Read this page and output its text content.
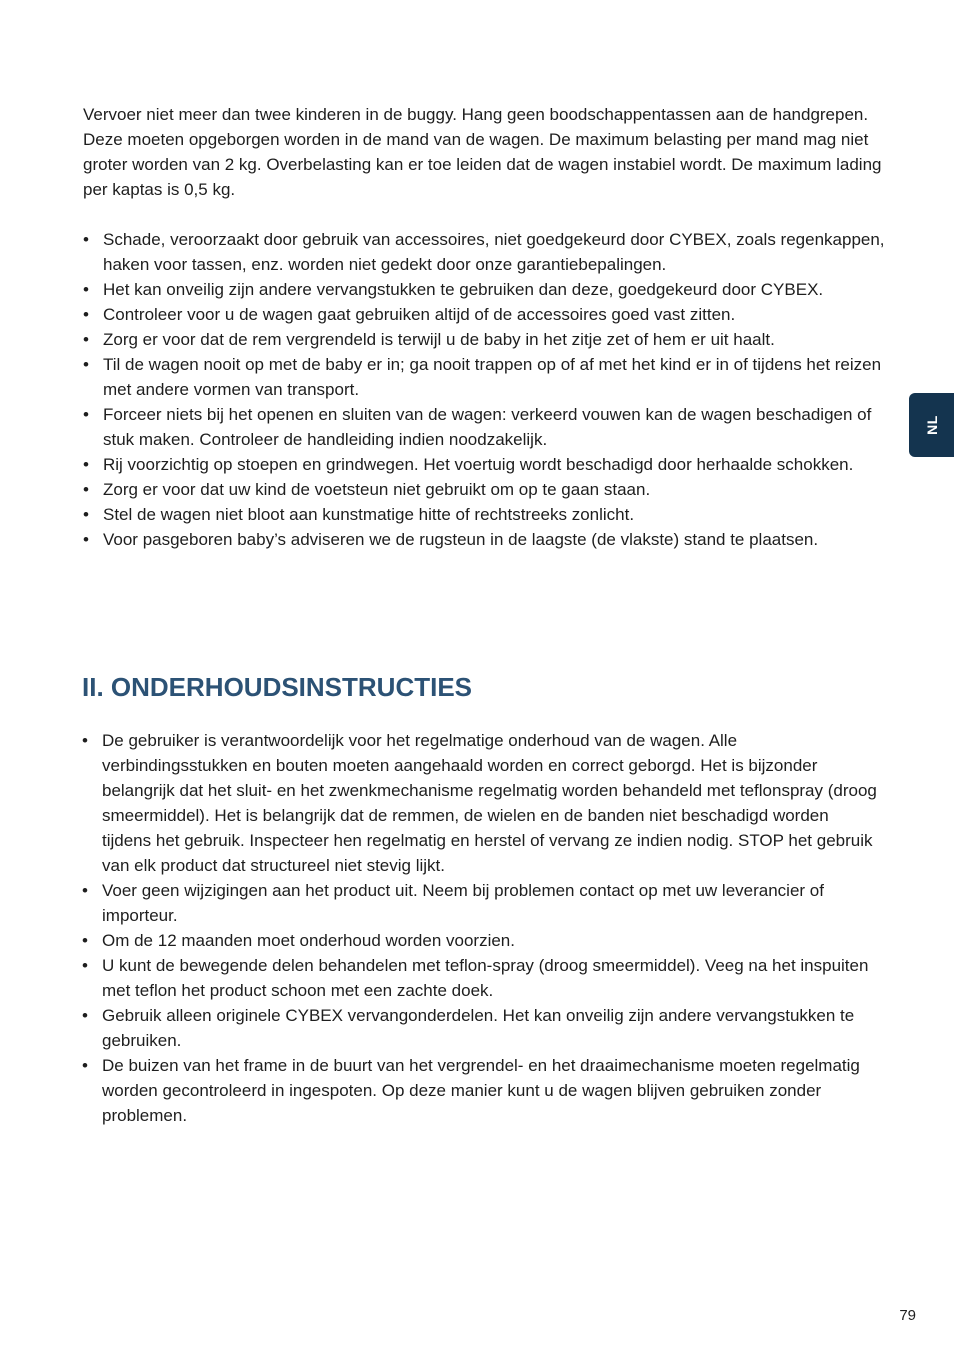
Vervoer niet meer dan twee kinderen in de buggy. Hang geen boodschappentassen aan de handgrepen. Deze moeten opgeborgen worden in de mand van de wagen. De maximum belasting per mand mag niet groter worden van 2 kg. Overbelasting kan er toe leiden dat de wagen instabiel wordt. De maximum lading per kaptas is 0,5 kg.

• Schade, veroorzaakt door gebruik van accessoires, niet goedgekeurd door CYBEX, zoals regenkappen, haken voor tassen, enz. worden niet gedekt door onze garantiebepalingen.
• Het kan onveilig zijn andere vervangstukken te gebruiken dan deze, goedgekeurd door CYBEX.
• Controleer voor u de wagen gaat gebruiken altijd of de accessoires goed vast zitten.
• Zorg er voor dat de rem vergrendeld is terwijl u de baby in het zitje zet of hem er uit haalt.
• Til de wagen nooit op met de baby er in; ga nooit trappen op of af met het kind er in of tijdens het reizen met andere vormen van transport.
• Forceer niets bij het openen en sluiten van de wagen: verkeerd vouwen kan de wagen beschadigen of stuk maken. Controleer de handleiding indien noodzakelijk.
• Rij voorzichtig op stoepen en grindwegen. Het voertuig wordt beschadigd door herhaalde schokken.
• Zorg er voor dat uw kind de voetsteun niet gebruikt om op te gaan staan.
• Stel de wagen niet bloot aan kunstmatige hitte of rechtstreeks zonlicht.
• Voor pasgeboren baby’s adviseren we de rugsteun in de laagste (de vlakste) stand te plaatsen.
II. ONDERHOUDSINSTRUCTIES
• De gebruiker is verantwoordelijk voor het regelmatige onderhoud van de wagen. Alle verbindingsstukken en bouten moeten aangehaald worden en correct geborgd. Het is bijzonder belangrijk dat het sluit- en het zwenkmechanisme regelmatig worden behandeld met teflonspray (droog smeermiddel). Het is belangrijk dat de remmen, de wielen en de banden niet beschadigd worden tijdens het gebruik. Inspecteer hen regelmatig en herstel of vervang ze indien nodig. STOP het gebruik van elk product dat structureel niet stevig lijkt.
• Voer geen wijzigingen aan het product uit. Neem bij problemen contact op met uw leverancier of importeur.
• Om de 12 maanden moet onderhoud worden voorzien.
• U kunt de bewegende delen behandelen met teflon-spray (droog smeermiddel). Veeg na het inspuiten met teflon het product schoon met een zachte doek.
• Gebruik alleen originele CYBEX vervangonderdelen. Het kan onveilig zijn andere vervangstukken te gebruiken.
• De buizen van het frame in de buurt van het vergrendel- en het draaimechanisme moeten regelmatig worden gecontroleerd in ingespoten. Op deze manier kunt u de wagen blijven gebruiken zonder problemen.
NL
79
